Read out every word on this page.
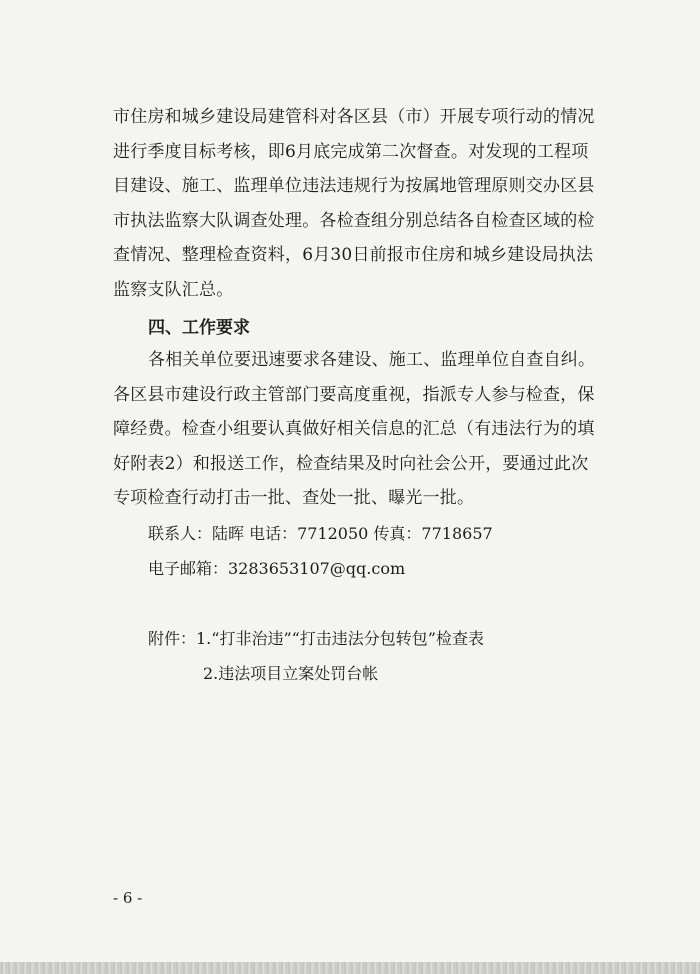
市住房和城乡建设局建管科对各区县（市）开展专项行动的情况进行季度目标考核，即6月底完成第二次督查。对发现的工程项目建设、施工、监理单位违法违规行为按属地管理原则交办区县市执法监察大队调查处理。各检查组分别总结各自检查区域的检查情况、整理检查资料，6月30日前报市住房和城乡建设局执法监察支队汇总。

四、工作要求

各相关单位要迅速要求各建设、施工、监理单位自查自纠。各区县市建设行政主管部门要高度重视，指派专人参与检查，保障经费。检查小组要认真做好相关信息的汇总（有违法行为的填好附表2）和报送工作，检查结果及时向社会公开，要通过此次专项检查行动打击一批、查处一批、曝光一批。

联系人：陆晖 电话：7712050 传真：7718657

电子邮箱：3283653107@qq.com

附件：1.“打非治违”“打击违法分包转包”检查表

2.违法项目立案处罚台帐

- 6 -
